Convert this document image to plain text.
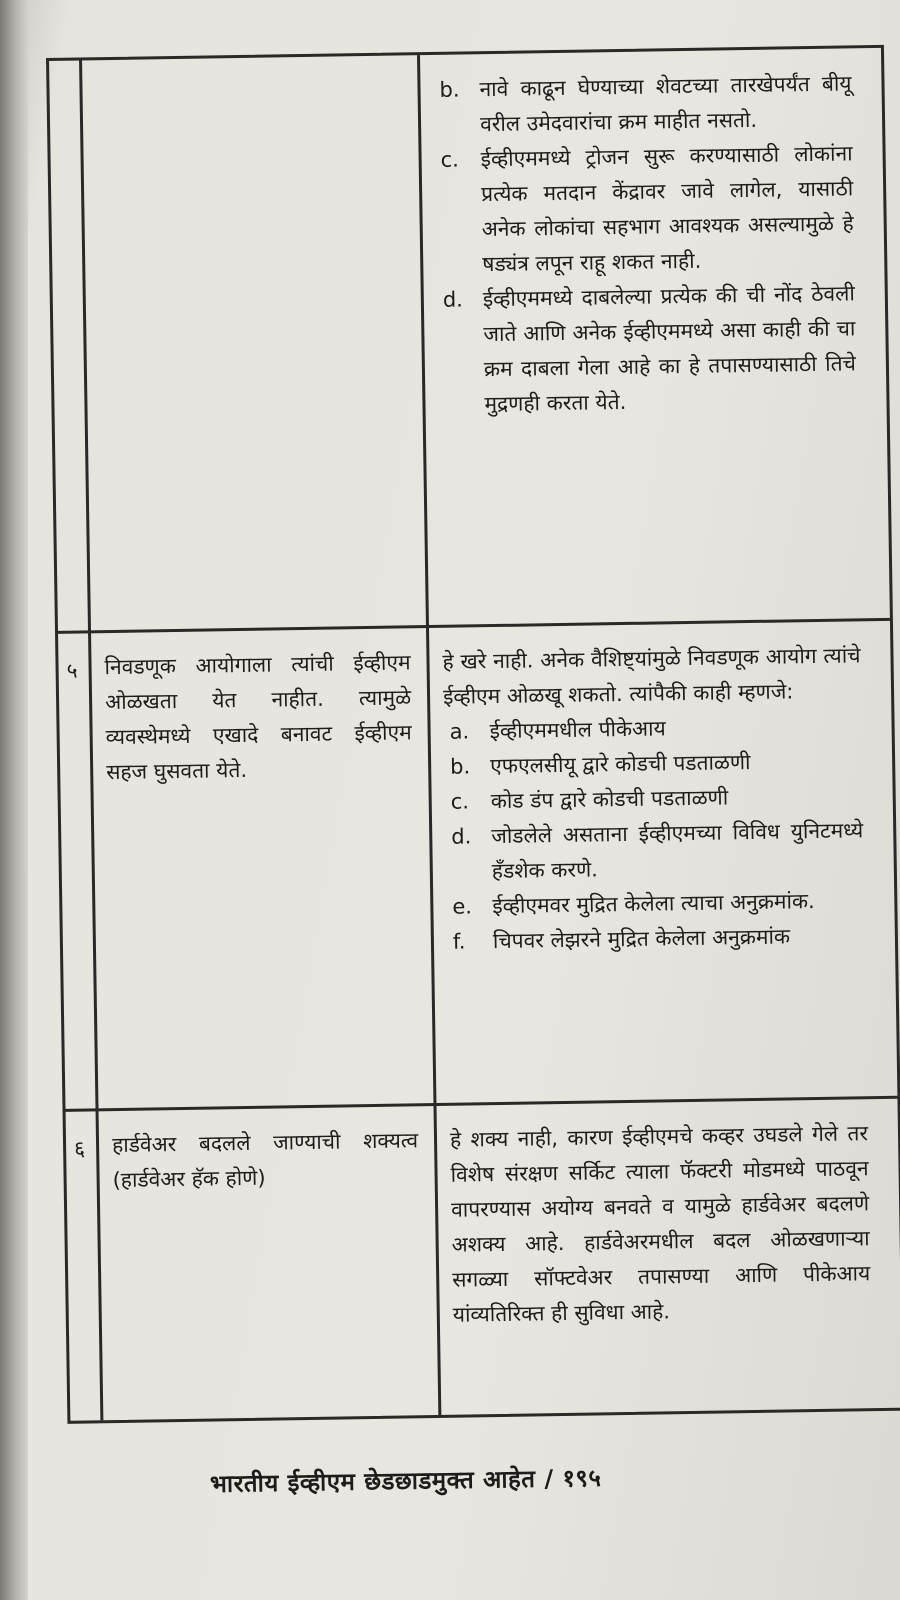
b. नावे काढून घेण्याच्या शेवटच्या तारखेपर्यंत बीयू वरील उमेदवारांचा क्रम माहीत नसतो.

c. ईव्हीएममध्ये ट्रोजन सुरू करण्यासाठी लोकांना प्रत्येक मतदान केंद्रावर जावे लागेल, यासाठी अनेक लोकांचा सहभाग आवश्यक असल्यामुळे हे षड्यंत्र लपून राहू शकत नाही.

d. ईव्हीएममध्ये दाबलेल्या प्रत्येक की ची नोंद ठेवली जाते आणि अनेक ईव्हीएममध्ये असा काही की चा क्रम दाबला गेला आहे का हे तपासण्यासाठी तिचे मुद्रणही करता येते.

५ निवडणूक आयोगाला त्यांची ईव्हीएम ओळखता येत नाहीत. त्यामुळे व्यवस्थेमध्ये एखादे बनावट ईव्हीएम सहज घुसवता येते.
हे खरे नाही. अनेक वैशिष्ट्यांमुळे निवडणूक आयोग त्यांचे ईव्हीएम ओळखू शकतो. त्यांपैकी काही म्हणजे:

a. ईव्हीएममधील पीकेआय

b. एफएलसीयू द्वारे कोडची पडताळणी

c. कोड डंप द्वारे कोडची पडताळणी

d. जोडलेले असताना ईव्हीएमच्या विविध युनिटमध्ये हँडशेक करणे.

e. ईव्हीएमवर मुद्रित केलेला त्याचा अनुक्रमांक.

f. चिपवर लेझरने मुद्रित केलेला अनुक्रमांक

६ हार्डवेअर बदलले जाण्याची शक्यत्व (हार्डवेअर हॅक होणे)
हे शक्य नाही, कारण ईव्हीएमचे कव्हर उघडले गेले तर विशेष संरक्षण सर्किट त्याला फॅक्टरी मोडमध्ये पाठवून वापरण्यास अयोग्य बनवते व यामुळे हार्डवेअर बदलणे अशक्य आहे. हार्डवेअरमधील बदल ओळखणाऱ्या सगळ्या सॉफ्टवेअर तपासण्या आणि पीकेआय यांव्यतिरिक्त ही सुविधा आहे.
भारतीय ईव्हीएम छेडछाडमुक्त आहेत / १९५
